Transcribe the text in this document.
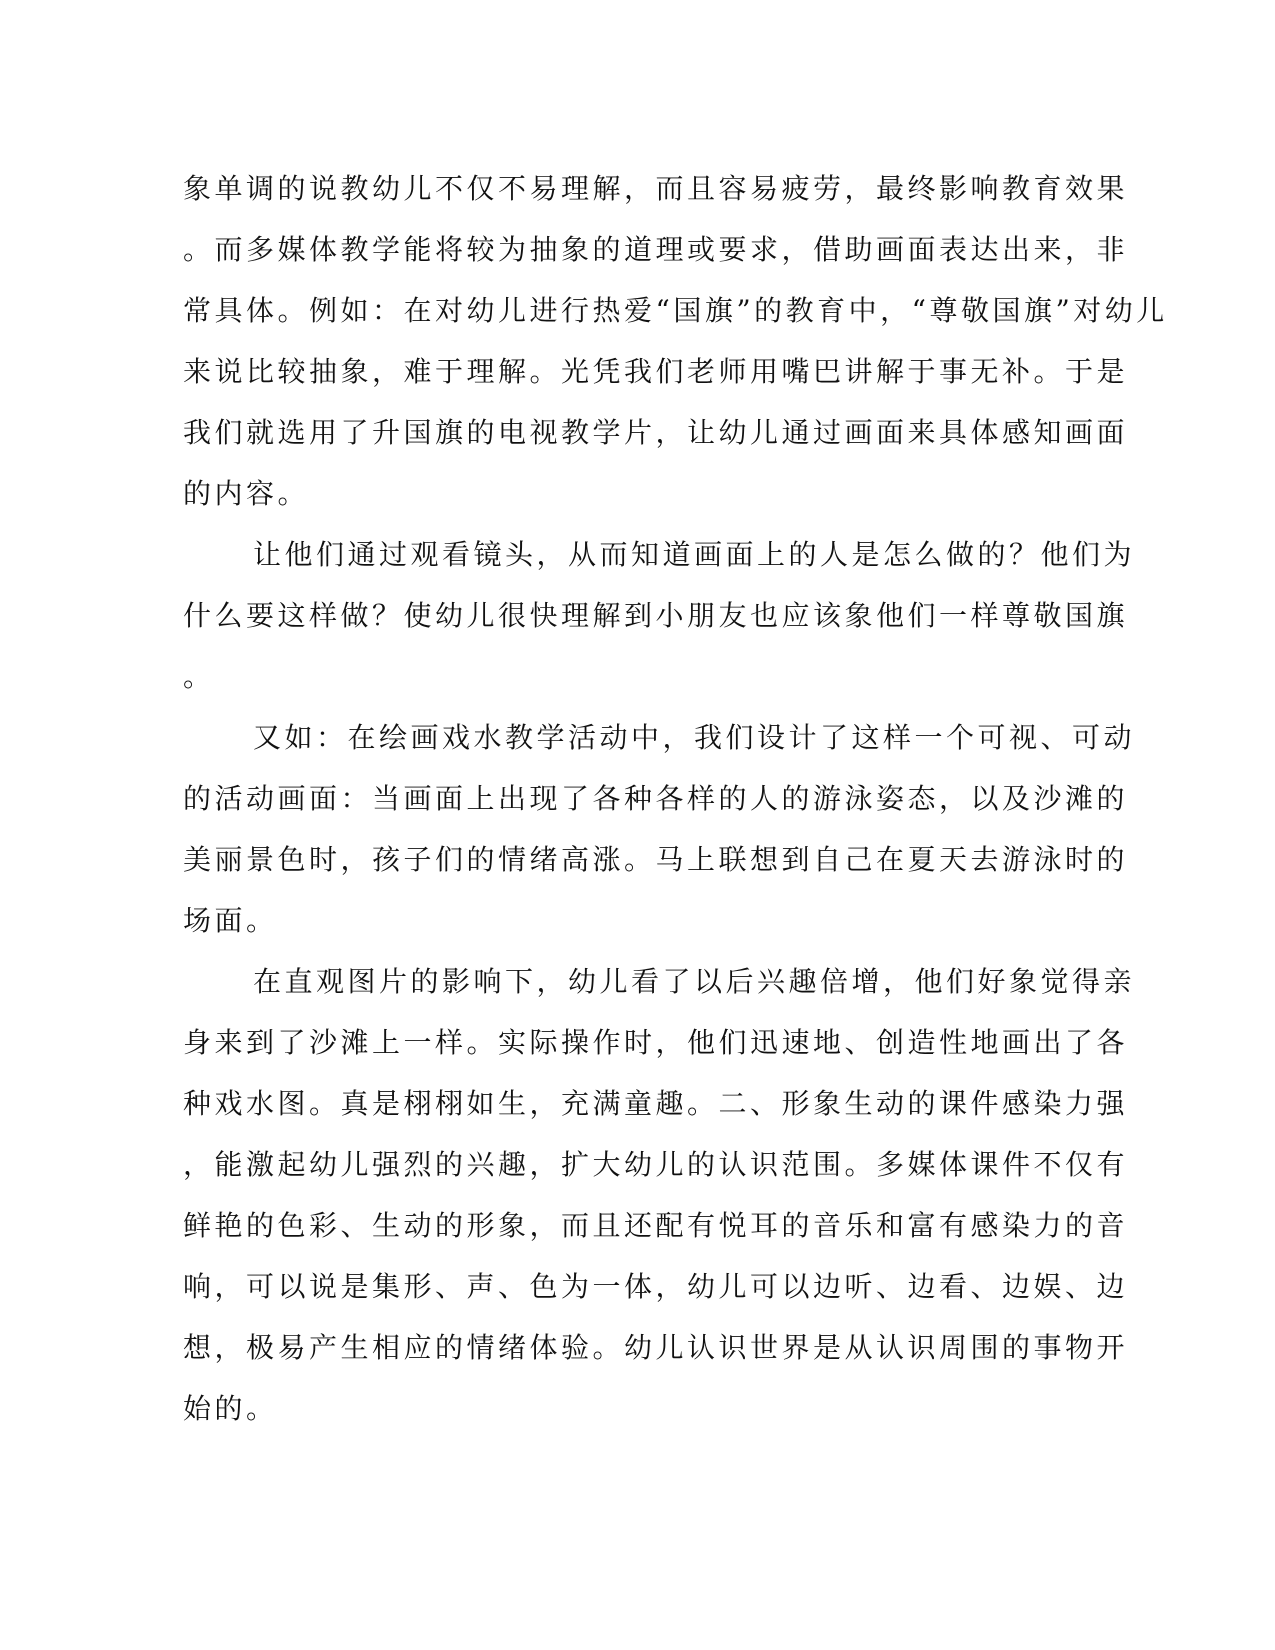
象单调的说教幼儿不仅不易理解，而且容易疲劳，最终影响教育效果
。而多媒体教学能将较为抽象的道理或要求，借助画面表达出来，非
常具体。例如：在对幼儿进行热爱“国旗”的教育中，“尊敬国旗”对幼儿
来说比较抽象，难于理解。光凭我们老师用嘴巴讲解于事无补。于是
我们就选用了升国旗的电视教学片，让幼儿通过画面来具体感知画面
的内容。
让他们通过观看镜头，从而知道画面上的人是怎么做的？他们为
什么要这样做？使幼儿很快理解到小朋友也应该象他们一样尊敬国旗
。
又如：在绘画戏水教学活动中，我们设计了这样一个可视、可动
的活动画面：当画面上出现了各种各样的人的游泳姿态，以及沙滩的
美丽景色时，孩子们的情绪高涨。马上联想到自己在夏天去游泳时的
场面。
在直观图片的影响下，幼儿看了以后兴趣倍增，他们好象觉得亲
身来到了沙滩上一样。实际操作时，他们迅速地、创造性地画出了各
种戏水图。真是栩栩如生，充满童趣。二、形象生动的课件感染力强
，能激起幼儿强烈的兴趣，扩大幼儿的认识范围。多媒体课件不仅有
鲜艳的色彩、生动的形象，而且还配有悦耳的音乐和富有感染力的音
响，可以说是集形、声、色为一体，幼儿可以边听、边看、边娱、边
想，极易产生相应的情绪体验。幼儿认识世界是从认识周围的事物开
始的。
